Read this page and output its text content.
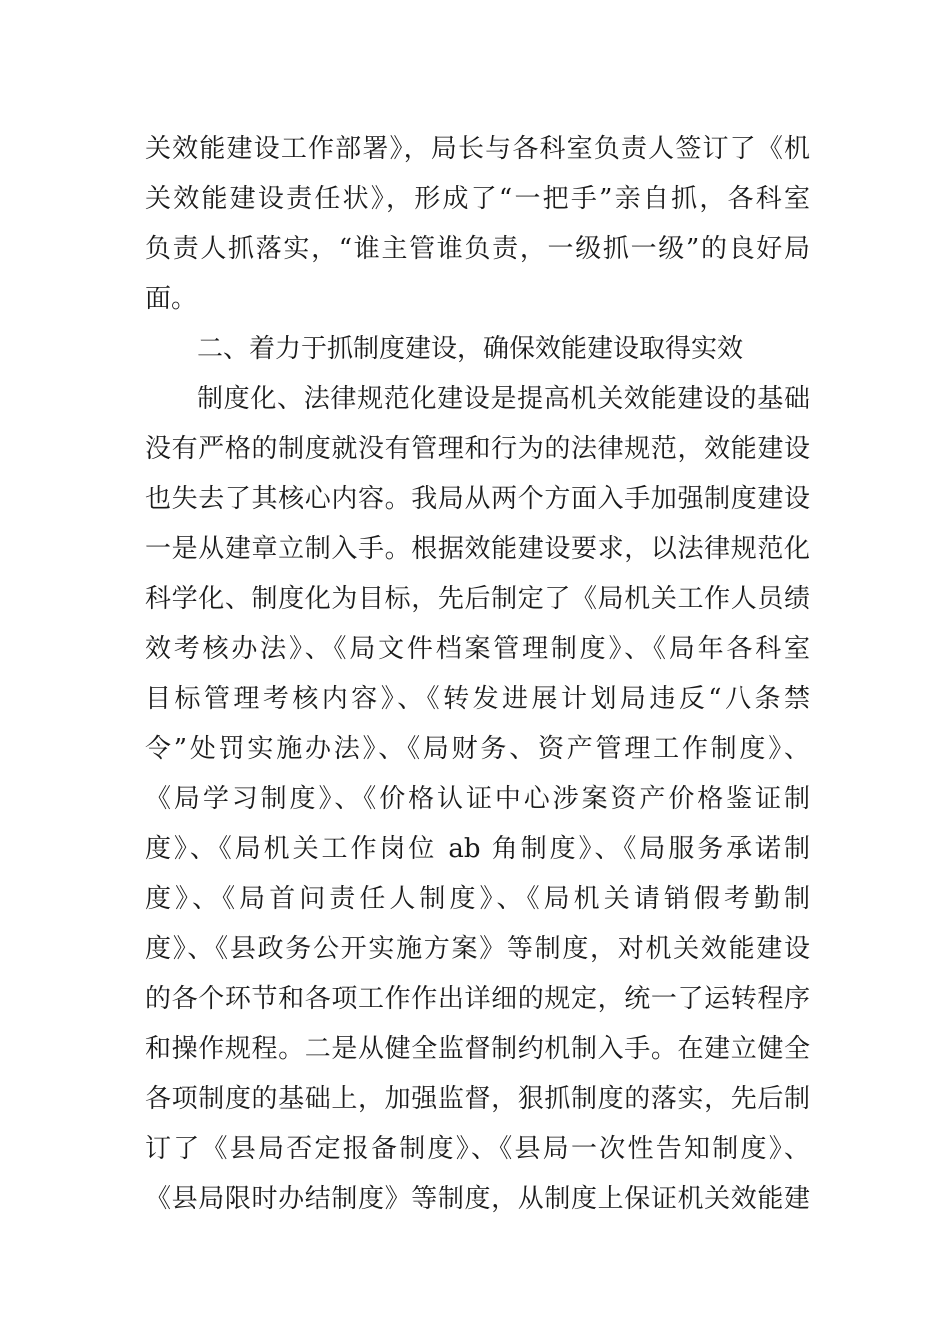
关效能建设工作部署》，局长与各科室负责人签订了《机
关效能建设责任状》，形成了“一把手”亲自抓，各科室
负责人抓落实，“谁主管谁负责，一级抓一级”的良好局
面。
二、着力于抓制度建设，确保效能建设取得实效
制度化、法律规范化建设是提高机关效能建设的基础
没有严格的制度就没有管理和行为的法律规范，效能建设
也失去了其核心内容。我局从两个方面入手加强制度建设
一是从建章立制入手。根据效能建设要求，以法律规范化
科学化、制度化为目标，先后制定了《局机关工作人员绩
效考核办法》、《局文件档案管理制度》、《局年各科室
目标管理考核内容》、《转发进展计划局违反“八条禁
令”处罚实施办法》、《局财务、资产管理工作制度》、
《局学习制度》、《价格认证中心涉案资产价格鉴证制
度》、《局机关工作岗位 ab 角制度》、《局服务承诺制
度》、《局首问责任人制度》、《局机关请销假考勤制
度》、《县政务公开实施方案》等制度，对机关效能建设
的各个环节和各项工作作出详细的规定，统一了运转程序
和操作规程。二是从健全监督制约机制入手。在建立健全
各项制度的基础上，加强监督，狠抓制度的落实，先后制
订了《县局否定报备制度》、《县局一次性告知制度》、
《县局限时办结制度》等制度，从制度上保证机关效能建
